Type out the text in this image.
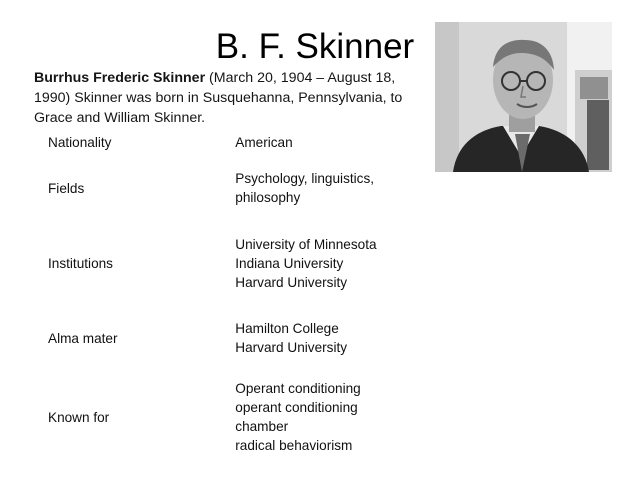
B. F. Skinner
Burrhus Frederic Skinner (March 20, 1904 – August 18, 1990) Skinner was born in Susquehanna, Pennsylvania, to Grace and William Skinner.
Nationality	American

Fields	Psychology, linguistics,
philosophy

Institutions	University of Minnesota
Indiana University
Harvard University

Alma mater	Hamilton College
Harvard University

Known for	Operant conditioning
operant conditioning
chamber
radical behaviorism
